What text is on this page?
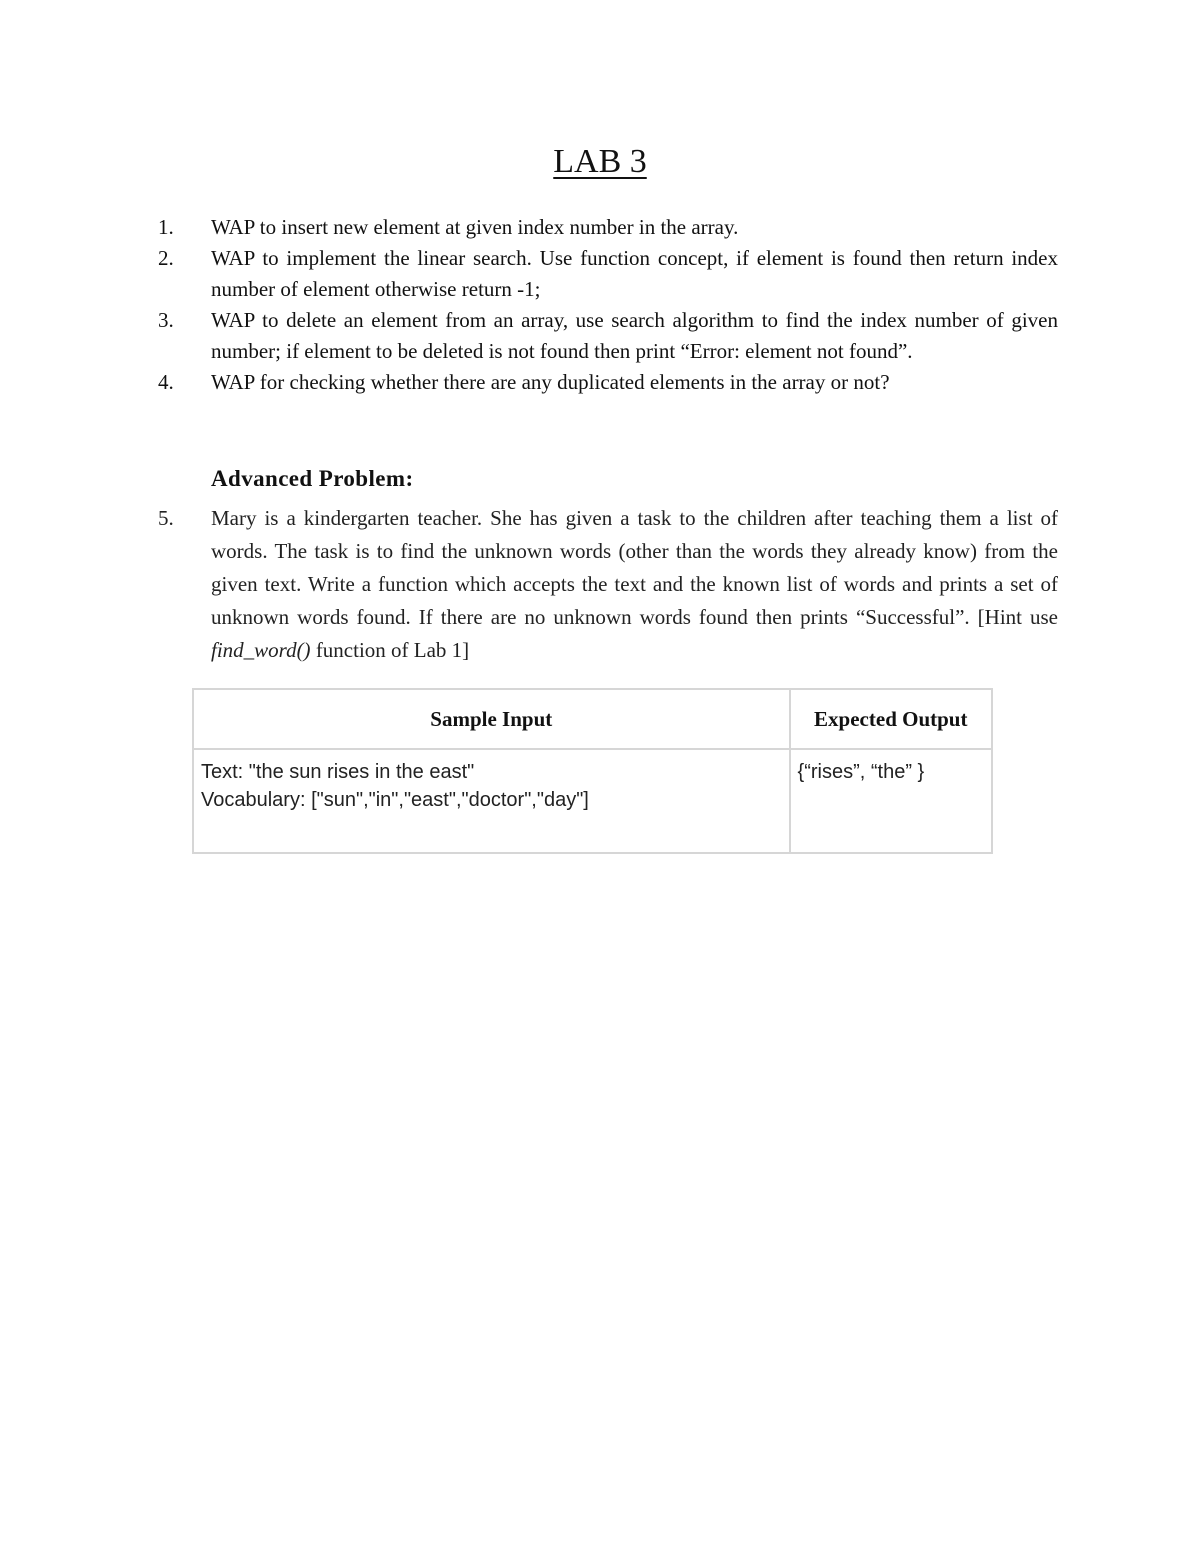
LAB 3
1. WAP to insert new element at given index number in the array.
2. WAP to implement the linear search. Use function concept, if element is found then return index number of element otherwise return -1;
3. WAP to delete an element from an array, use search algorithm to find the index number of given number; if element to be deleted is not found then print “Error: element not found”.
4. WAP for checking whether there are any duplicated elements in the array or not?
Advanced Problem:
5. Mary is a kindergarten teacher. She has given a task to the children after teaching them a list of words. The task is to find the unknown words (other than the words they already know) from the given text. Write a function which accepts the text and the known list of words and prints a set of unknown words found. If there are no unknown words found then prints “Successful”. [Hint use find_word() function of Lab 1]
Sample Input	Expected Output

Text: "the sun rises in the east"
Vocabulary: ["sun","in","east","doctor","day"]	{“rises”, “the” }
